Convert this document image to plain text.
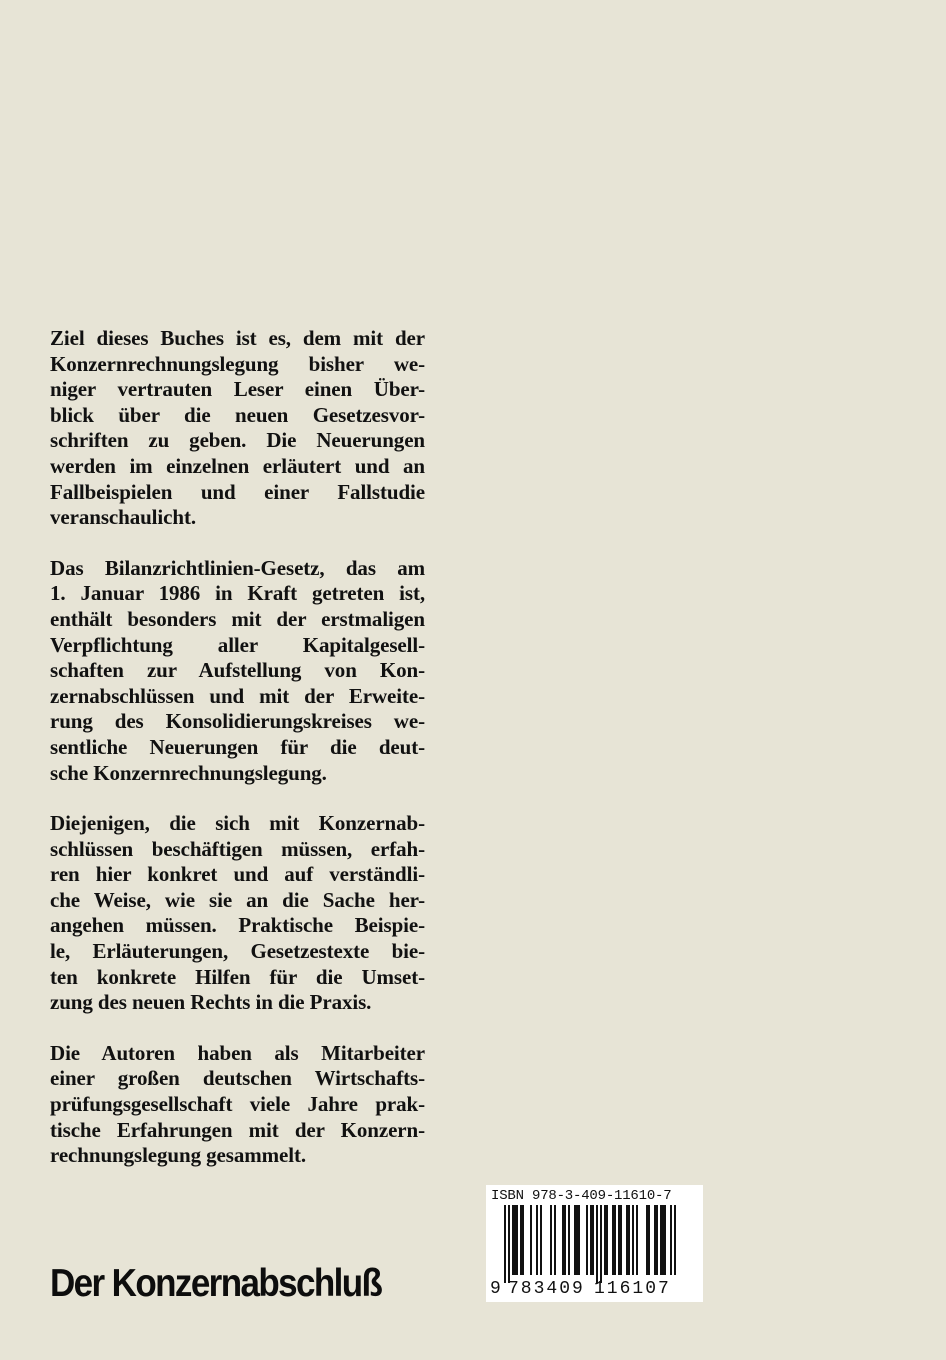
Ziel dieses Buches ist es, dem mit der
Konzernrechnungslegung bisher we-
niger vertrauten Leser einen Über-
blick über die neuen Gesetzesvor-
schriften zu geben. Die Neuerungen
werden im einzelnen erläutert und an
Fallbeispielen und einer Fallstudie
veranschaulicht.
Das Bilanzrichtlinien-Gesetz, das am
1. Januar 1986 in Kraft getreten ist,
enthält besonders mit der erstmaligen
Verpflichtung aller Kapitalgesell-
schaften zur Aufstellung von Kon-
zernabschlüssen und mit der Erweite-
rung des Konsolidierungskreises we-
sentliche Neuerungen für die deut-
sche Konzernrechnungslegung.
Diejenigen, die sich mit Konzernab-
schlüssen beschäftigen müssen, erfah-
ren hier konkret und auf verständli-
che Weise, wie sie an die Sache her-
angehen müssen. Praktische Beispie-
le, Erläuterungen, Gesetzestexte bie-
ten konkrete Hilfen für die Umset-
zung des neuen Rechts in die Praxis.
Die Autoren haben als Mitarbeiter
einer großen deutschen Wirtschafts-
prüfungsgesellschaft viele Jahre prak-
tische Erfahrungen mit der Konzern-
rechnungslegung gesammelt.
Der Konzernabschluß
ISBN 978-3-409-11610-7
9 783409 116107
